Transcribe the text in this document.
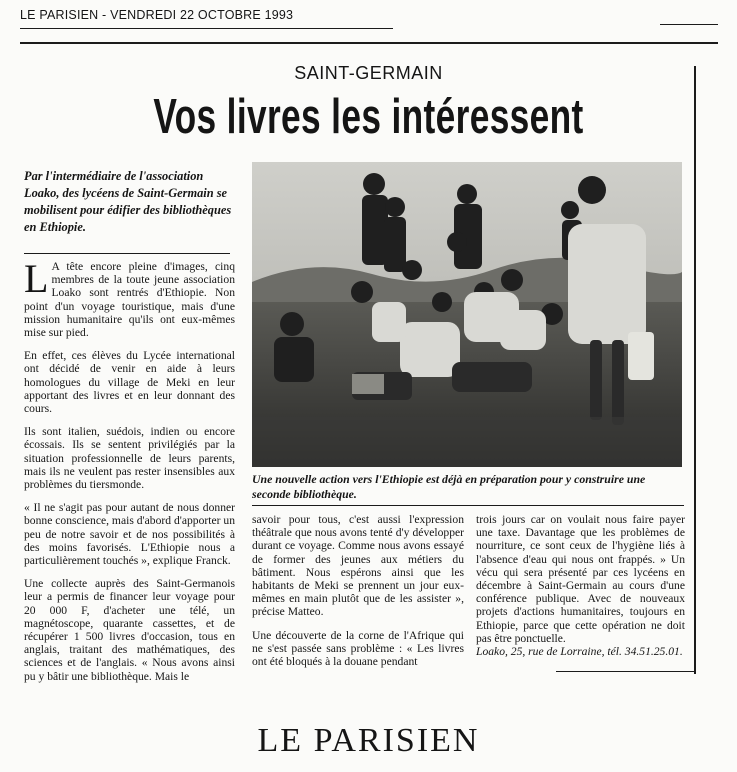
LE PARISIEN - VENDREDI 22 OCTOBRE 1993
SAINT-GERMAIN
Vos livres les intéressent
Par l'intermédiaire de l'association Loako, des lycéens de Saint-Germain se mobilisent pour édifier des bibliothèques en Ethiopie.

L A tête encore pleine d'images, cinq membres de la toute jeune association Loako sont rentrés d'Ethiopie. Non point d'un voyage touristique, mais d'une mission humanitaire qu'ils ont eux-mêmes mise sur pied.

En effet, ces élèves du Lycée international ont décidé de venir en aide à leurs homologues du village de Meki en leur apportant des livres et en leur donnant des cours.

Ils sont italien, suédois, indien ou encore écossais. Ils se sentent privilégiés par la situation professionnelle de leurs parents, mais ils ne veulent pas rester insensibles aux problèmes du tiersmonde.

« Il ne s'agit pas pour autant de nous donner bonne conscience, mais d'abord d'apporter un peu de notre savoir et de nos possibilités à des moins favorisés. L'Ethiopie nous a particulièrement touchés », explique Franck.

Une collecte auprès des Saint-Germanois leur a permis de financer leur voyage pour 20 000 F, d'acheter une télé, un magnétoscope, quarante cassettes, et de récupérer 1 500 livres d'occasion, tous en anglais, traitant des mathématiques, des sciences et de l'anglais. « Nous avons ainsi pu y bâtir une bibliothèque. Mais le

Une nouvelle action vers l'Ethiopie est déjà en préparation pour y construire une seconde bibliothèque.

savoir pour tous, c'est aussi l'expression théâtrale que nous avons tenté d'y développer durant ce voyage. Comme nous avons essayé de former des jeunes aux métiers du bâtiment. Nous espérons ainsi que les habitants de Meki se prennent un jour eux-mêmes en main plutôt que de les assister », précise Matteo.

Une découverte de la corne de l'Afrique qui ne s'est passée sans problème : « Les livres ont été bloqués à la douane pendant

trois jours car on voulait nous faire payer une taxe. Davantage que les problèmes de nourriture, ce sont ceux de l'hygiène liés à l'absence d'eau qui nous ont frappés. » Un vécu qui sera présenté par ces lycéens en décembre à Saint-Germain au cours d'une conférence publique. Avec de nouveaux projets d'actions humanitaires, toujours en Ethiopie, parce que cette opération ne doit pas être ponctuelle.

Loako, 25, rue de Lorraine, tél. 34.51.25.01.

LE PARISIEN
